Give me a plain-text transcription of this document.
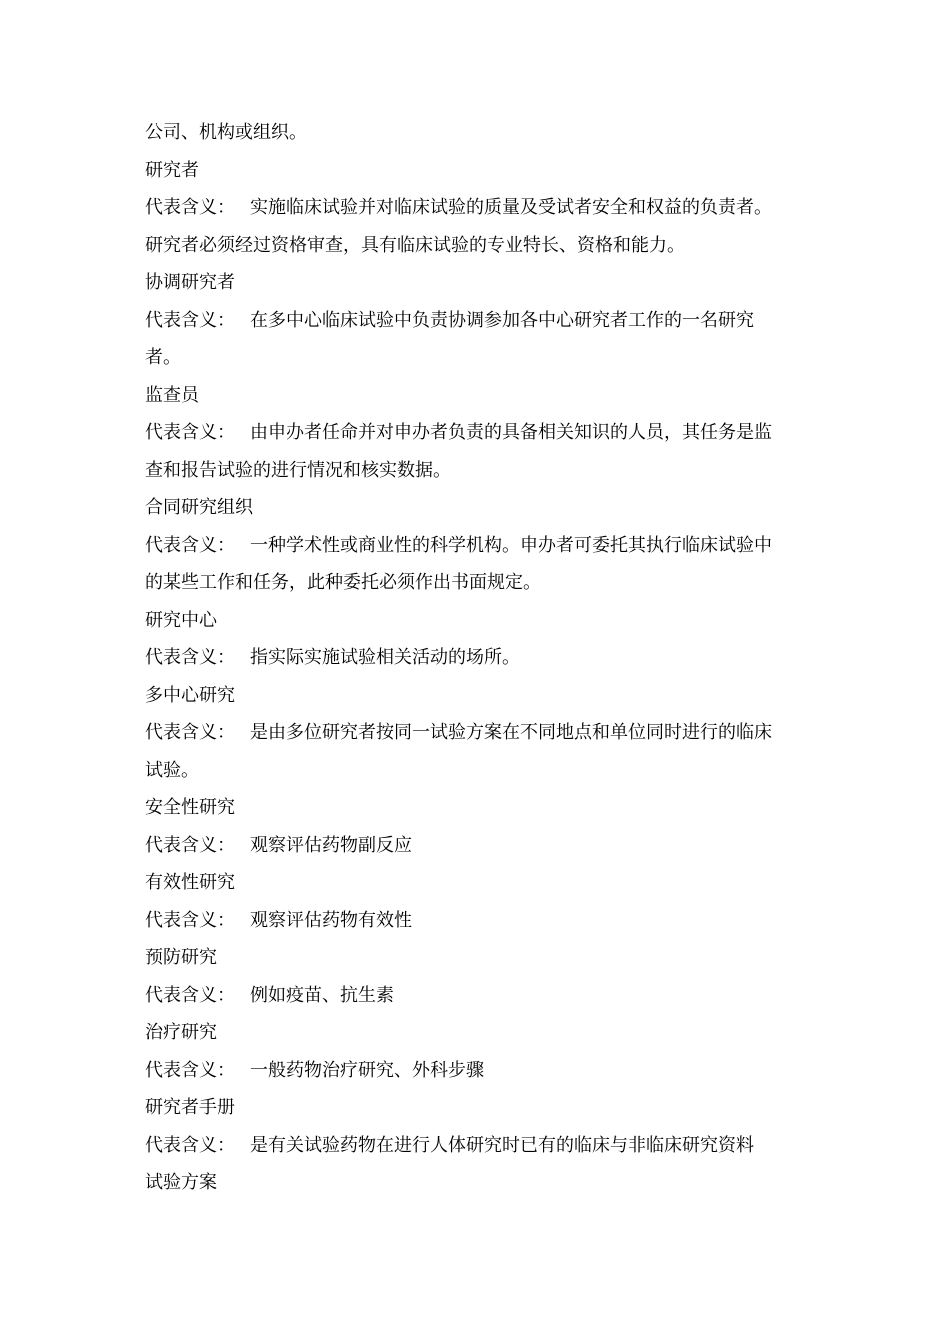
公司、机构或组织。
研究者
代表含义： 实施临床试验并对临床试验的质量及受试者安全和权益的负责者。
研究者必须经过资格审查，具有临床试验的专业特长、资格和能力。
协调研究者
代表含义： 在多中心临床试验中负责协调参加各中心研究者工作的一名研究
者。
监查员
代表含义： 由申办者任命并对申办者负责的具备相关知识的人员，其任务是监
查和报告试验的进行情况和核实数据。
合同研究组织
代表含义： 一种学术性或商业性的科学机构。申办者可委托其执行临床试验中
的某些工作和任务，此种委托必须作出书面规定。
研究中心
代表含义： 指实际实施试验相关活动的场所。
多中心研究
代表含义： 是由多位研究者按同一试验方案在不同地点和单位同时进行的临床
试验。
安全性研究
代表含义： 观察评估药物副反应
有效性研究
代表含义： 观察评估药物有效性
预防研究
代表含义： 例如疫苗、抗生素
治疗研究
代表含义： 一般药物治疗研究、外科步骤
研究者手册
代表含义： 是有关试验药物在进行人体研究时已有的临床与非临床研究资料
试验方案
